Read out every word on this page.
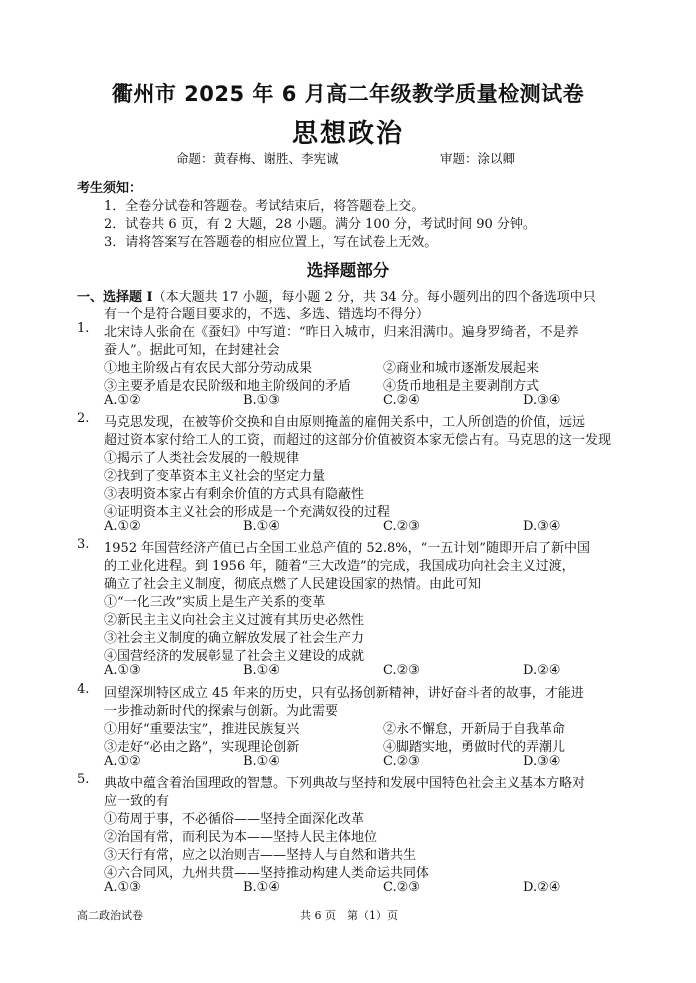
衢州市 2025 年 6 月高二年级教学质量检测试卷
思想政治
命题：黄春梅、谢胜、李宪诚	审题：涂以卿
考生须知：
1．全卷分试卷和答题卷。考试结束后，将答题卷上交。
2．试卷共 6 页，有 2 大题，28 小题。满分 100 分，考试时间 90 分钟。
3．请将答案写在答题卷的相应位置上，写在试卷上无效。
选择题部分
一、选择题 I（本大题共 17 小题，每小题 2 分，共 34 分。每小题列出的四个备选项中只
有一个是符合题目要求的，不选、多选、错选均不得分）
1. 北宋诗人张俞在《蚕妇》中写道：“昨日入城市，归来泪满巾。遍身罗绮者，不是养
蚕人”。据此可知，在封建社会
①地主阶级占有农民大部分劳动成果	②商业和城市逐渐发展起来
③主要矛盾是农民阶级和地主阶级间的矛盾 ④货币地租是主要剥削方式
A.①②	B.①③	C.②④	D.③④
2. 马克思发现，在被等价交换和自由原则掩盖的雇佣关系中，工人所创造的价值，远远
超过资本家付给工人的工资，而超过的这部分价值被资本家无偿占有。马克思的这一发现
①揭示了人类社会发展的一般规律
②找到了变革资本主义社会的坚定力量
③表明资本家占有剩余价值的方式具有隐蔽性
④证明资本主义社会的形成是一个充满奴役的过程
A.①②	B.①④	C.②③	D.③④
3. 1952 年国营经济产值已占全国工业总产值的 52.8%，“一五计划”随即开启了新中国
的工业化进程。到 1956 年，随着“三大改造”的完成，我国成功向社会主义过渡，
确立了社会主义制度，彻底点燃了人民建设国家的热情。由此可知
①“一化三改”实质上是生产关系的变革
②新民主主义向社会主义过渡有其历史必然性
③社会主义制度的确立解放发展了社会生产力
④国营经济的发展彰显了社会主义建设的成就
A.①③	B.①④	C.②③	D.②④
4. 回望深圳特区成立 45 年来的历史，只有弘扬创新精神，讲好奋斗者的故事，才能进
一步推动新时代的探索与创新。为此需要
①用好“重要法宝”，推进民族复兴	②永不懈怠，开新局于自我革命
③走好“必由之路”，实现理论创新	④脚踏实地，勇做时代的弄潮儿
A.①②	B.①④	C.②③	D.③④
5. 典故中蕴含着治国理政的智慧。下列典故与坚持和发展中国特色社会主义基本方略对
应一致的有
①苟周于事，不必循俗——坚持全面深化改革
②治国有常，而利民为本——坚持人民主体地位
③天行有常，应之以治则吉——坚持人与自然和谐共生
④六合同风，九州共贯——坚持推动构建人类命运共同体
A.①③	B.①④	C.②③	D.②④
高二政治试卷	共 6 页　第（1）页
